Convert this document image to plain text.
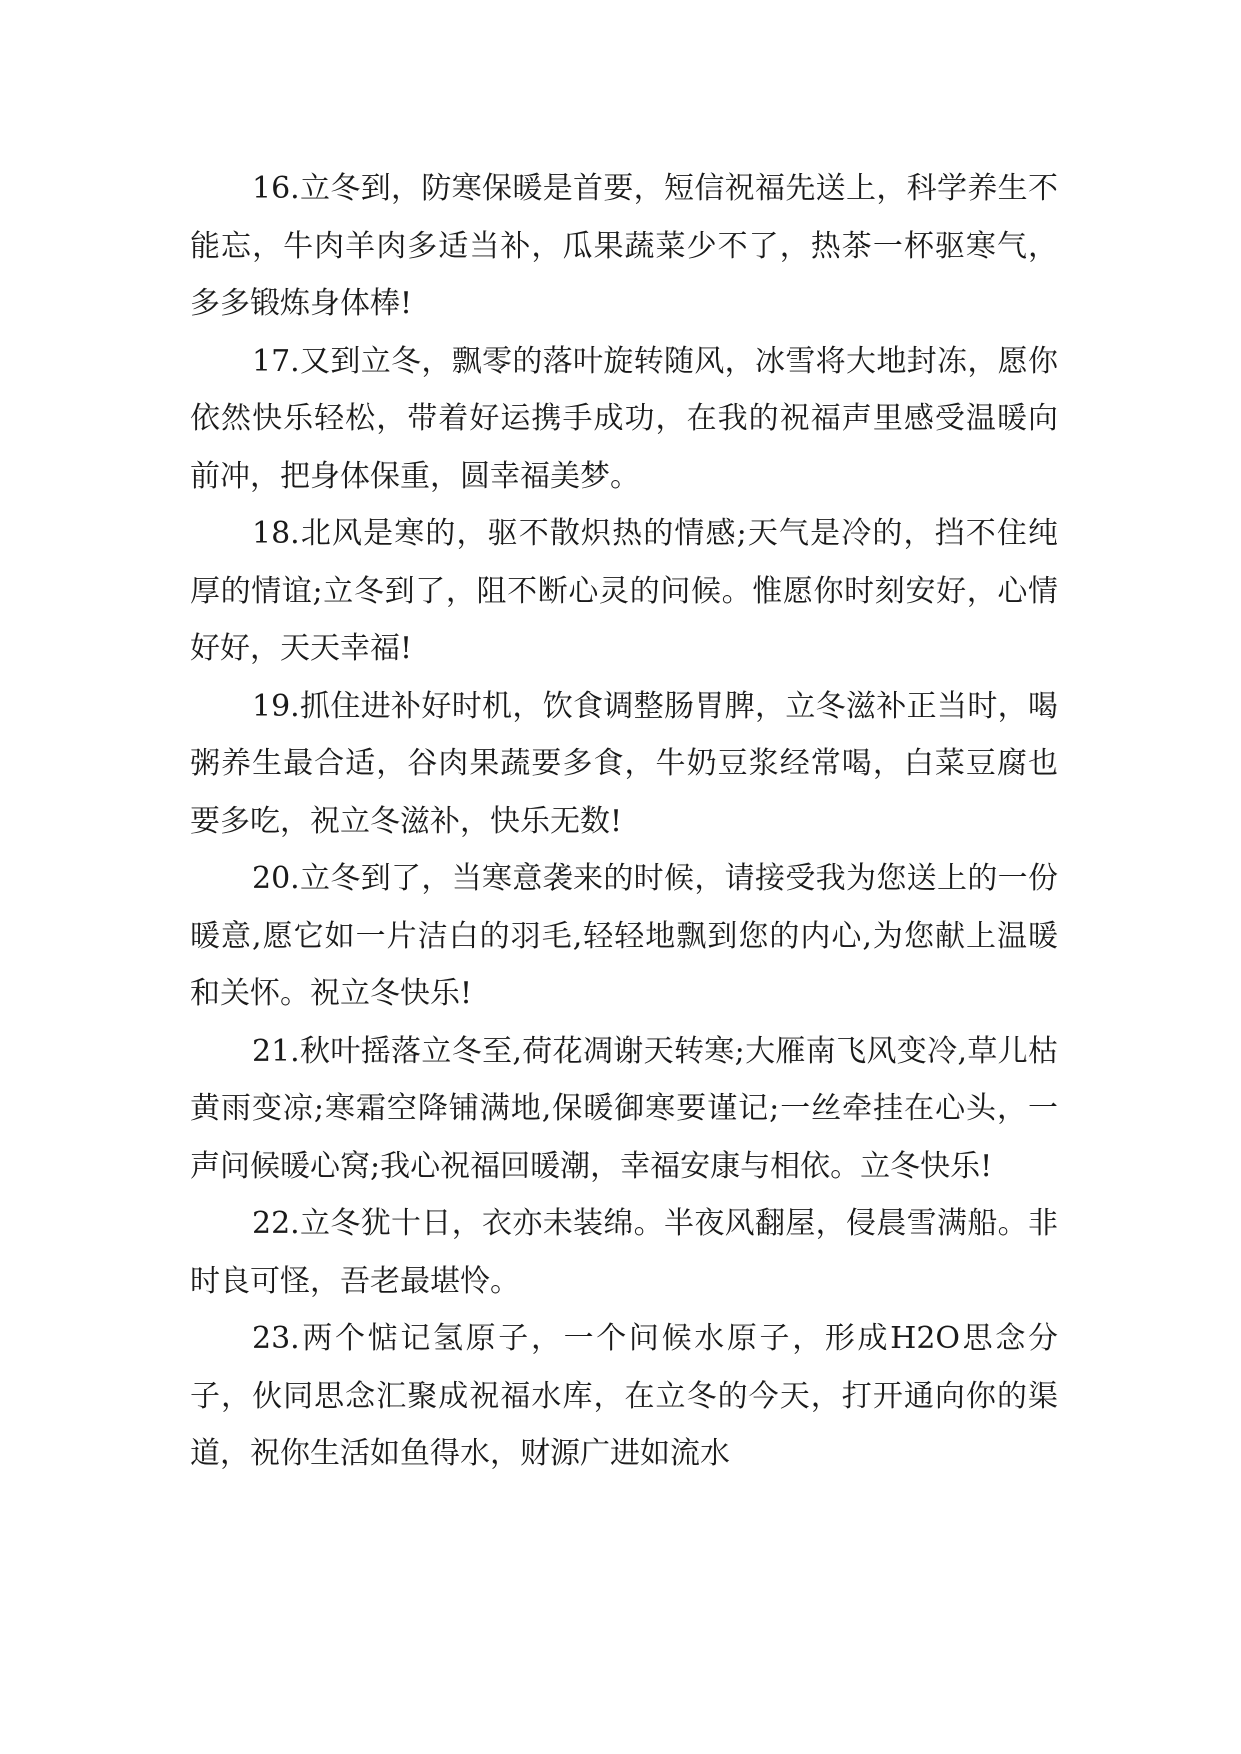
16.立冬到，防寒保暖是首要，短信祝福先送上，科学养生不能忘，牛肉羊肉多适当补，瓜果蔬菜少不了，热茶一杯驱寒气，多多锻炼身体棒!

17.又到立冬，飘零的落叶旋转随风，冰雪将大地封冻，愿你依然快乐轻松，带着好运携手成功，在我的祝福声里感受温暖向前冲，把身体保重，圆幸福美梦。

18.北风是寒的，驱不散炽热的情感;天气是冷的，挡不住纯厚的情谊;立冬到了，阻不断心灵的问候。惟愿你时刻安好，心情好好，天天幸福!

19.抓住进补好时机，饮食调整肠胃脾，立冬滋补正当时，喝粥养生最合适，谷肉果蔬要多食，牛奶豆浆经常喝，白菜豆腐也要多吃，祝立冬滋补，快乐无数!

20.立冬到了，当寒意袭来的时候，请接受我为您送上的一份暖意,愿它如一片洁白的羽毛,轻轻地飘到您的内心,为您献上温暖和关怀。祝立冬快乐!

21.秋叶摇落立冬至,荷花凋谢天转寒;大雁南飞风变冷,草儿枯黄雨变凉;寒霜空降铺满地,保暖御寒要谨记;一丝牵挂在心头，一声问候暖心窝;我心祝福回暖潮，幸福安康与相依。立冬快乐!

22.立冬犹十日，衣亦未装绵。半夜风翻屋，侵晨雪满船。非时良可怪，吾老最堪怜。

23.两个惦记氢原子，一个问候水原子，形成H2O思念分子，伙同思念汇聚成祝福水库，在立冬的今天，打开通向你的渠道，祝你生活如鱼得水，财源广进如流水
